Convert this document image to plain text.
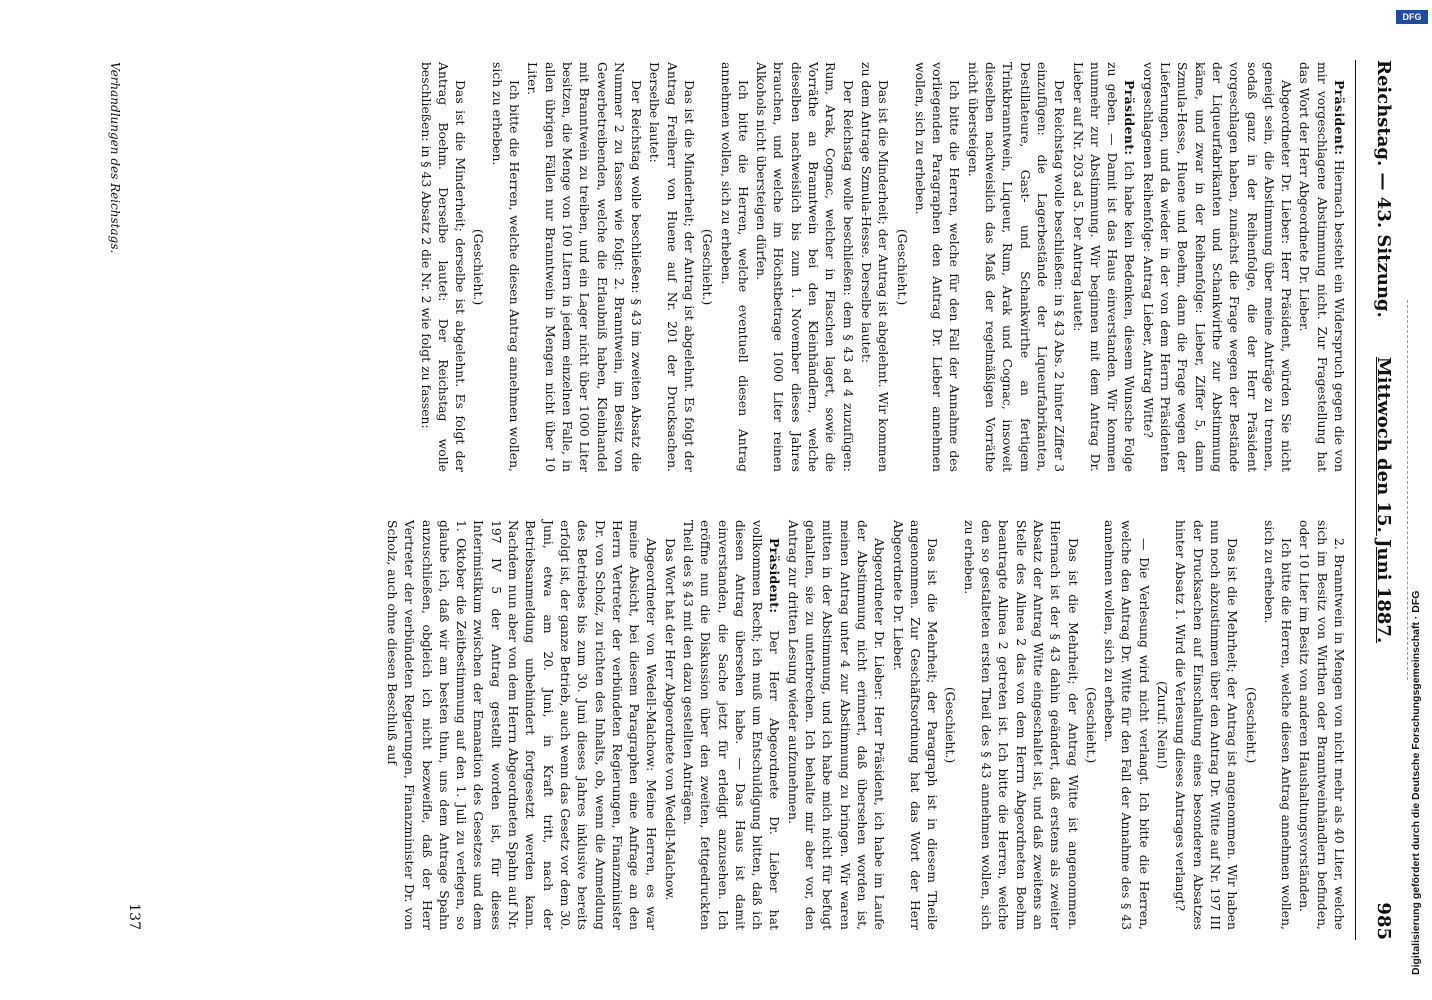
Reichstag. — 43. Sitzung.
Mittwoch den 15. Juni 1887.
985

Präsident: Hiernach besteht ein Widerspruch gegen die von mir vorgeschlagene Abstimmung nicht. Zur Fragestellung hat das Wort der Herr Abgeordnete Dr. Lieber.

Abgeordneter Dr. Lieber: Herr Präsident, würden Sie nicht geneigt sein, die Abstimmung über meine Anträge zu trennen, sodaß ganz in der Reihenfolge, die der Herr Präsident vorgeschlagen haben, zunächst die Frage wegen der Bestände der Liqueurfabrikanten und Schankwirthe zur Abstimmung käme, und zwar in der Reihenfolge: Lieber, Ziffer 5, dann Szmula-Hesse, Huene und Boehm, dann die Frage wegen der Lieferungen, und da wieder in der von dem Herrn Präsidenten vorgeschlagenen Reihenfolge: Antrag Lieber, Antrag Witte?

Präsident: Ich habe kein Bedenken, diesem Wunsche Folge zu geben. — Damit ist das Haus einverstanden. Wir kommen nunmehr zur Abstimmung. Wir beginnen mit dem Antrag Dr. Lieber auf Nr. 203 ad 5. Der Antrag lautet:

Der Reichstag wolle beschließen: in § 43 Abs. 2 hinter Ziffer 3 einzufügen: die Lagerbestände der Liqueurfabrikanten, Destillateure, Gast- und Schankwirthe an fertigem Trinkbranntwein, Liqueur, Rum, Arak und Cognac, insoweit dieselben nachweislich das Maß der regelmäßigen Vorräthe nicht übersteigen.

Ich bitte die Herren, welche für den Fall der Annahme des vorliegenden Paragraphen den Antrag Dr. Lieber annehmen wollen, sich zu erheben.

(Geschieht.)

Das ist die Minderheit; der Antrag ist abgelehnt. Wir kommen zu dem Antrage Szmula-Hesse. Derselbe lautet:

Der Reichstag wolle beschließen: dem § 43 ad 4 zuzufügen: Rum, Arak, Cognac, welcher in Flaschen lagert, sowie die Vorräthe an Branntwein bei den Kleinhändlern, welche dieselben nachweislich bis zum 1. November dieses Jahres brauchen, und welche im Höchstbetrage 1000 Liter reinen Alkohols nicht übersteigen dürfen.

Ich bitte die Herren, welche eventuell diesen Antrag annehmen wollen, sich zu erheben.

(Geschieht.)

Das ist die Minderheit; der Antrag ist abgelehnt. Es folgt der Antrag Freiherr von Huene auf Nr. 201 der Drucksachen. Derselbe lautet:

Der Reichstag wolle beschließen: § 43 im zweiten Absatz die Nummer 2 zu fassen wie folgt: 2. Branntwein, im Besitz von Gewerbetreibenden, welche die Erlaubniß haben, Kleinhandel mit Branntwein zu treiben, und ein Lager nicht über 1000 Liter besitzen, die Menge von 100 Litern in jedem einzelnen Falle, in allen übrigen Fällen nur Branntwein in Mengen nicht über 10 Liter.

Ich bitte die Herren, welche diesen Antrag annehmen wollen, sich zu erheben.

(Geschieht.)

Das ist die Minderheit; derselbe ist abgelehnt. Es folgt der Antrag Boehm. Derselbe lautet: Der Reichstag wolle beschließen: in § 43 Absatz 2 die Nr. 2 wie folgt zu fassen:

2. Branntwein in Mengen von nicht mehr als 40 Liter, welche sich im Besitz von Wirthen oder Branntweinhändlern befinden, oder 10 Liter im Besitz von anderen Haushaltungsvorständen.

Ich bitte die Herren, welche diesen Antrag annehmen wollen, sich zu erheben.

(Geschieht.)

Das ist die Mehrheit; der Antrag ist angenommen. Wir haben nun noch abzustimmen über den Antrag Dr. Witte auf Nr. 197 III der Drucksachen auf Einschaltung eines besonderen Absatzes hinter Absatz 1. Wird die Verlesung dieses Antrages verlangt?

(Zuruf: Nein!)

— Die Verlesung wird nicht verlangt. Ich bitte die Herren, welche den Antrag Dr. Witte für den Fall der Annahme des § 43 annehmen wollen, sich zu erheben.

(Geschieht.)

Das ist die Mehrheit; der Antrag Witte ist angenommen. Hiernach ist der § 43 dahin geändert, daß erstens als zweiter Absatz der Antrag Witte eingeschaltet ist, und daß zweitens an Stelle des Alinea 2 das von dem Herrn Abgeordneten Boehm beantragte Alinea 2 getreten ist. Ich bitte die Herren, welche den so gestalteten ersten Theil des § 43 annehmen wollen, sich zu erheben.

(Geschieht.)

Das ist die Mehrheit; der Paragraph ist in diesem Theile angenommen. Zur Geschäftsordnung hat das Wort der Herr Abgeordnete Dr. Lieber.

Abgeordneter Dr. Lieber: Herr Präsident, ich habe im Laufe der Abstimmung nicht erinnert, daß übersehen worden ist, meinen Antrag unter 4 zur Abstimmung zu bringen. Wir waren mitten in der Abstimmung, und ich habe mich nicht für befugt gehalten, sie zu unterbrechen. Ich behalte mir aber vor, den Antrag zur dritten Lesung wieder aufzunehmen.

Präsident: Der Herr Abgeordnete Dr. Lieber hat vollkommen Recht; ich muß um Entschuldigung bitten, daß ich diesen Antrag übersehen habe. — Das Haus ist damit einverstanden, die Sache jetzt für erledigt anzusehen. Ich eröffne nun die Diskussion über den zweiten, fettgedruckten Theil des § 43 mit den dazu gestellten Anträgen.

Das Wort hat der Herr Abgeordnete von Wedell-Malchow.

Abgeordneter von Wedell-Malchow: Meine Herren, es war meine Absicht, bei diesem Paragraphen eine Anfrage an den Herrn Vertreter der verbündeten Regierungen, Finanzminister Dr. von Scholz, zu richten des Inhalts, ob, wenn die Anmeldung des Betriebes bis zum 30. Juni dieses Jahres inklusive bereits erfolgt ist, der ganze Betrieb, auch wenn das Gesetz vor dem 30. Juni, etwa am 20. Juni, in Kraft tritt, nach der Betriebsanmeldung unbehindert fortgesetzt werden kann. Nachdem nun aber von dem Herrn Abgeordneten Spahn auf Nr. 197 IV 5 der Antrag gestellt worden ist, für dieses Interimistikum zwischen der Emanation des Gesetzes und dem 1. Oktober die Zeitbestimmung auf den 1. Juli zu verlegen, so glaube ich, daß wir am besten thun, uns dem Antrage Spahn anzuschließen, obgleich ich nicht bezweifle, daß der Herr Vertreter der verbündeten Regierungen, Finanzminister Dr. von Scholz, auch ohne diesen Beschluß auf

Verhandlungen des Reichstags.
137
DFG
Digitalisierung gefördert durch die Deutsche Forschungsgemeinschaft · DFG
